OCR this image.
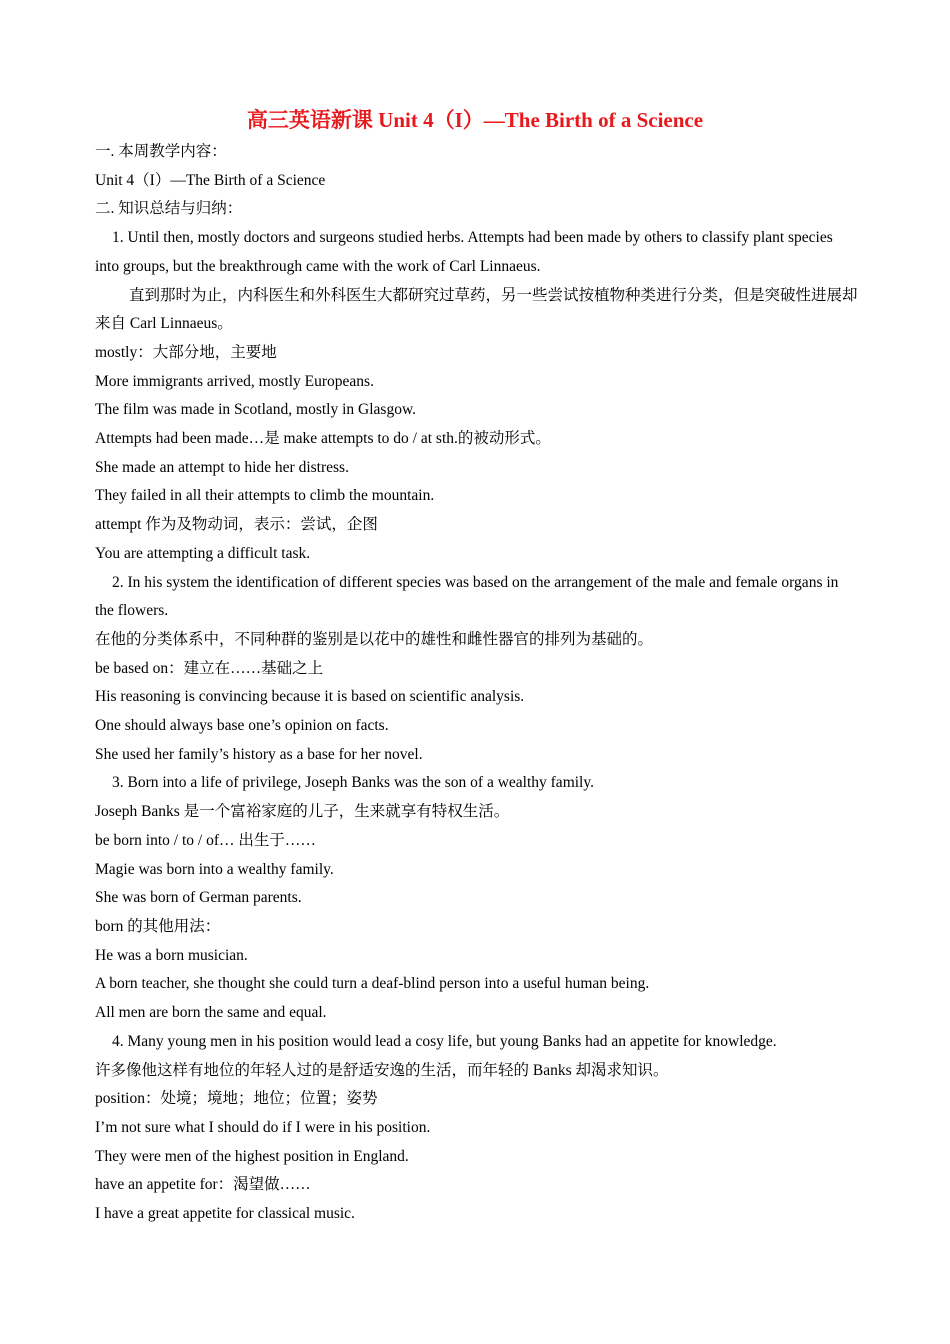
高三英语新课 Unit 4（I）—The Birth of a Science

一. 本周教学内容：

Unit 4（I）—The Birth of a Science

二. 知识总结与归纳：

1. Until then, mostly doctors and surgeons studied herbs. Attempts had been made by others to classify plant species into groups, but the breakthrough came with the work of Carl Linnaeus.

直到那时为止，内科医生和外科医生大都研究过草药，另一些尝试按植物种类进行分类，但是突破性进展却来自 Carl Linnaeus。

mostly：大部分地，主要地

More immigrants arrived, mostly Europeans.

The film was made in Scotland, mostly in Glasgow.

Attempts had been made…是 make attempts to do / at sth.的被动形式。

She made an attempt to hide her distress.

They failed in all their attempts to climb the mountain.

attempt 作为及物动词，表示：尝试，企图

You are attempting a difficult task.

2. In his system the identification of different species was based on the arrangement of the male and female organs in the flowers.

在他的分类体系中，不同种群的鉴别是以花中的雄性和雌性器官的排列为基础的。

be based on：建立在……基础之上

His reasoning is convincing because it is based on scientific analysis.

One should always base one’s opinion on facts.

She used her family’s history as a base for her novel.

3. Born into a life of privilege, Joseph Banks was the son of a wealthy family.

Joseph Banks 是一个富裕家庭的儿子，生来就享有特权生活。

be born into / to / of… 出生于……

Magie was born into a wealthy family.

She was born of German parents.

born 的其他用法：

He was a born musician.

A born teacher, she thought she could turn a deaf-blind person into a useful human being.

All men are born the same and equal.

4. Many young men in his position would lead a cosy life, but young Banks had an appetite for knowledge.

许多像他这样有地位的年轻人过的是舒适安逸的生活，而年轻的 Banks 却渴求知识。

position：处境；境地；地位；位置；姿势

I’m not sure what I should do if I were in his position.

They were men of the highest position in England.

have an appetite for：渴望做……

I have a great appetite for classical music.
